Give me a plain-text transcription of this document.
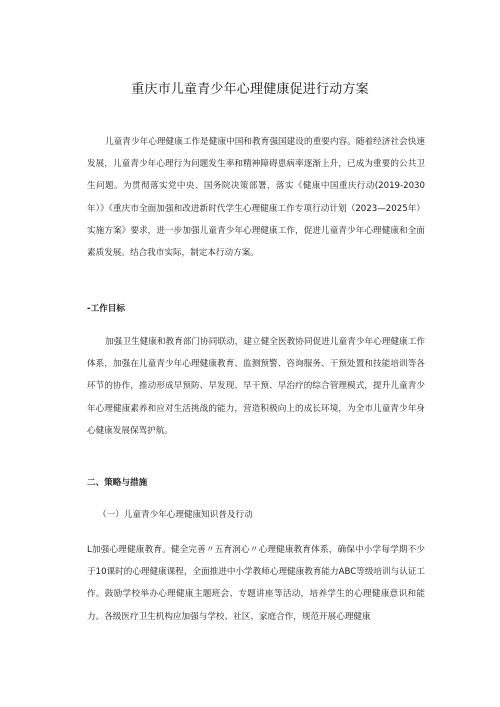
重庆市儿童青少年心理健康促进行动方案

儿童青少年心理健康工作是健康中国和教育强国建设的重要内容。随着经济社会快速发展，儿童青少年心理行为问题发生率和精神障碍患病率逐渐上升，已成为重要的公共卫生问题。为贯彻落实党中央、国务院决策部署，落实《健康中国重庆行动(2019-2030年）》《重庆市全面加强和改进新时代学生心理健康工作专项行动计划（2023—2025年）实施方案》要求，进一步加强儿童青少年心理健康工作，促进儿童青少年心理健康和全面素质发展。结合我市实际，制定本行动方案。

-工作目标

加强卫生健康和教育部门协同联动，建立健全医教协同促进儿童青少年心理健康工作体系，加强在儿童青少年心理健康教育、监测预警、咨询服务、干预处置和技能培训等各环节的协作，推动形成早预防、早发现、早干预、早治疗的综合管理模式，提升儿童青少年心理健康素养和应对生活挑战的能力，营造积极向上的成长环境，为全市儿童青少年身心健康发展保驾护航。

二、策略与措施

（一）儿童青少年心理健康知识普及行动

L加强心理健康教育。健全完善〃五育润心〃心理健康教育体系，确保中小学每学期不少于10课时的心理健康课程，全面推进中小学教师心理健康教育能力ABC等级培训与认证工作。鼓励学校举办心理健康主题班会、专题讲座等活动，培养学生的心理健康意识和能力。各级医疗卫生机构应加强与学校、社区、家庭合作，规范开展心理健康
